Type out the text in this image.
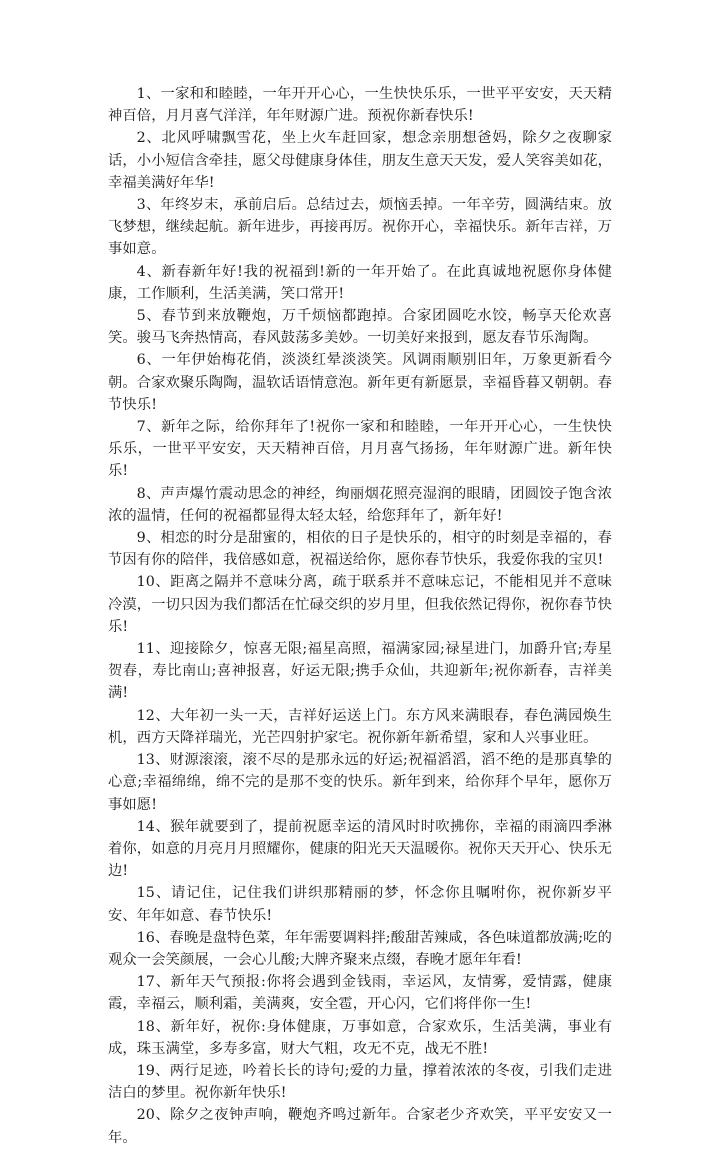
1、一家和和睦睦，一年开开心心，一生快快乐乐，一世平平安安，天天精神百倍，月月喜气洋洋，年年财源广进。预祝你新春快乐!

2、北风呼啸飘雪花，坐上火车赶回家，想念亲朋想爸妈，除夕之夜聊家话，小小短信含牵挂，愿父母健康身体佳，朋友生意天天发，爱人笑容美如花，幸福美满好年华!

3、年终岁末，承前启后。总结过去，烦恼丢掉。一年辛劳，圆满结束。放飞梦想，继续起航。新年进步，再接再厉。祝你开心，幸福快乐。新年吉祥，万事如意。

4、新春新年好!我的祝福到!新的一年开始了。在此真诚地祝愿你身体健康，工作顺利，生活美满，笑口常开!

5、春节到来放鞭炮，万千烦恼都跑掉。合家团圆吃水饺，畅享天伦欢喜笑。骏马飞奔热情高，春风鼓荡多美妙。一切美好来报到，愿友春节乐淘陶。

6、一年伊始梅花俏，淡淡红晕淡淡笑。风调雨顺别旧年，万象更新看今朝。合家欢聚乐陶陶，温软话语情意泡。新年更有新愿景，幸福昏暮又朝朝。春节快乐!

7、新年之际，给你拜年了!祝你一家和和睦睦，一年开开心心，一生快快乐乐，一世平平安安，天天精神百倍，月月喜气扬扬，年年财源广进。新年快乐!

8、声声爆竹震动思念的神经，绚丽烟花照亮湿润的眼睛，团圆饺子饱含浓浓的温情，任何的祝福都显得太轻太轻，给您拜年了，新年好!

9、相恋的时分是甜蜜的，相依的日子是快乐的，相守的时刻是幸福的，春节因有你的陪伴，我倍感如意，祝福送给你，愿你春节快乐，我爱你我的宝贝!

10、距离之隔并不意味分离，疏于联系并不意味忘记，不能相见并不意味冷漠，一切只因为我们都活在忙碌交织的岁月里，但我依然记得你，祝你春节快乐!

11、迎接除夕，惊喜无限;福星高照，福满家园;禄星进门，加爵升官;寿星贺春，寿比南山;喜神报喜，好运无限;携手众仙，共迎新年;祝你新春，吉祥美满!

12、大年初一头一天，吉祥好运送上门。东方风来满眼春，春色满园焕生机，西方天降祥瑞光，光芒四射护家宅。祝你新年新希望，家和人兴事业旺。

13、财源滚滚，滚不尽的是那永远的好运;祝福滔滔，滔不绝的是那真挚的心意;幸福绵绵，绵不完的是那不变的快乐。新年到来，给你拜个早年，愿你万事如愿!

14、猴年就要到了，提前祝愿幸运的清风时时吹拂你，幸福的雨滴四季淋着你，如意的月亮月月照耀你，健康的阳光天天温暖你。祝你天天开心、快乐无边!

15、请记住，记住我们讲织那精丽的梦，怀念你且嘱咐你，祝你新岁平安、年年如意、春节快乐!

16、春晚是盘特色菜，年年需要调料拌;酸甜苦辣咸，各色味道都放满;吃的观众一会笑颜展，一会心儿酸;大牌齐聚来点缀，春晚才愿年年看!

17、新年天气预报:你将会遇到金钱雨，幸运风，友情雾，爱情露，健康霞，幸福云，顺利霜，美满爽，安全雹，开心闪，它们将伴你一生!

18、新年好，祝你:身体健康，万事如意，合家欢乐，生活美满，事业有成，珠玉满堂，多寿多富，财大气粗，攻无不克，战无不胜!

19、两行足迹，吟着长长的诗句;爱的力量，撑着浓浓的冬夜，引我们走进洁白的梦里。祝你新年快乐!

20、除夕之夜钟声响，鞭炮齐鸣过新年。合家老少齐欢笑，平平安安又一年。
